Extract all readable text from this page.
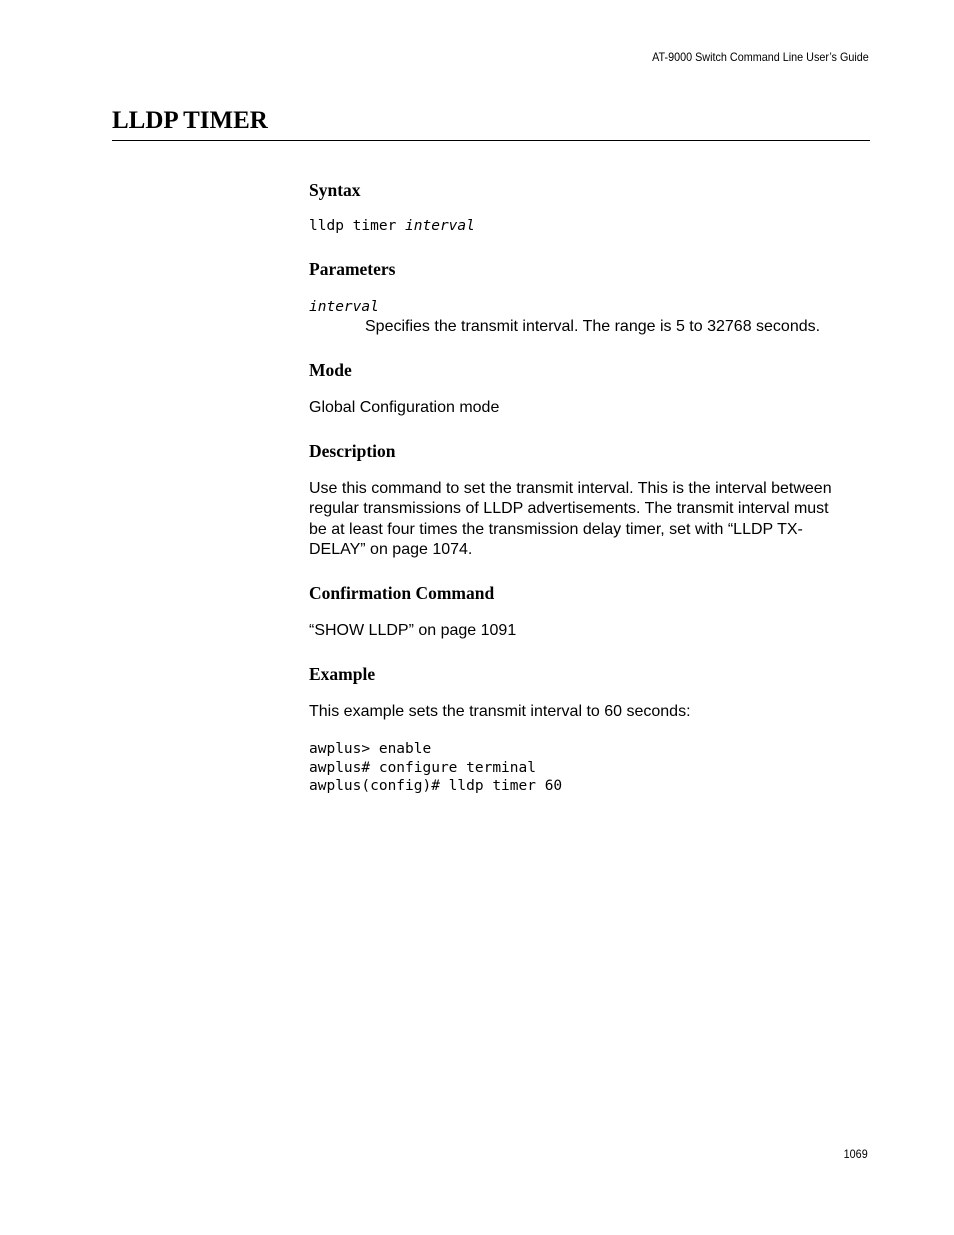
AT-9000 Switch Command Line User’s Guide
LLDP TIMER
Syntax

lldp timer interval

Parameters

interval

Specifies the transmit interval. The range is 5 to 32768 seconds.

Mode

Global Configuration mode

Description
Use this command to set the transmit interval. This is the interval between
regular transmissions of LLDP advertisements. The transmit interval must
be at least four times the transmission delay timer, set with “LLDP TX-
DELAY” on page 1074.
Confirmation Command

“SHOW LLDP” on page 1091

Example

This example sets the transmit interval to 60 seconds:

awplus> enable

awplus# configure terminal

awplus(config)# lldp timer 60

1069
